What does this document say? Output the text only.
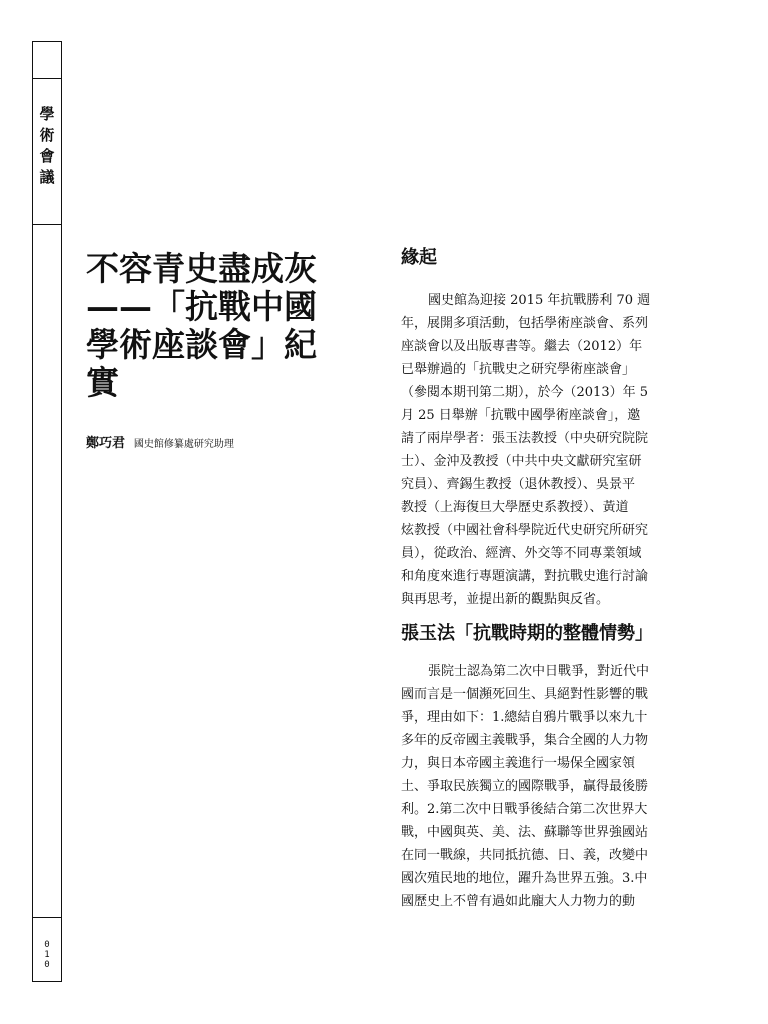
學
術
會
議
0
1
0
不容青史盡成灰
——「抗戰中國
學術座談會」紀
實
鄭巧君 國史館修纂處研究助理
緣起

國史館為迎接 2015 年抗戰勝利 70 週
年，展開多項活動，包括學術座談會、系列
座談會以及出版專書等。繼去（2012）年
已舉辦過的「抗戰史之研究學術座談會」
（參閱本期刊第二期），於今（2013）年 5
月 25 日舉辦「抗戰中國學術座談會」，邀
請了兩岸學者：張玉法教授（中央研究院院
士）、金沖及教授（中共中央文獻研究室研
究員）、齊錫生教授（退休教授）、吳景平
教授（上海復旦大學歷史系教授）、黃道
炫教授（中國社會科學院近代史研究所研究
員），從政治、經濟、外交等不同專業領域
和角度來進行專題演講，對抗戰史進行討論
與再思考，並提出新的觀點與反省。

張玉法「抗戰時期的整體情勢」

張院士認為第二次中日戰爭，對近代中
國而言是一個瀕死回生、具絕對性影響的戰
爭，理由如下：1.總結自鴉片戰爭以來九十
多年的反帝國主義戰爭，集合全國的人力物
力，與日本帝國主義進行一場保全國家領
土、爭取民族獨立的國際戰爭，贏得最後勝
利。2.第二次中日戰爭後結合第二次世界大
戰，中國與英、美、法、蘇聯等世界強國站
在同一戰線，共同抵抗德、日、義，改變中
國次殖民地的地位，躍升為世界五強。3.中
國歷史上不曾有過如此龐大人力物力的動
